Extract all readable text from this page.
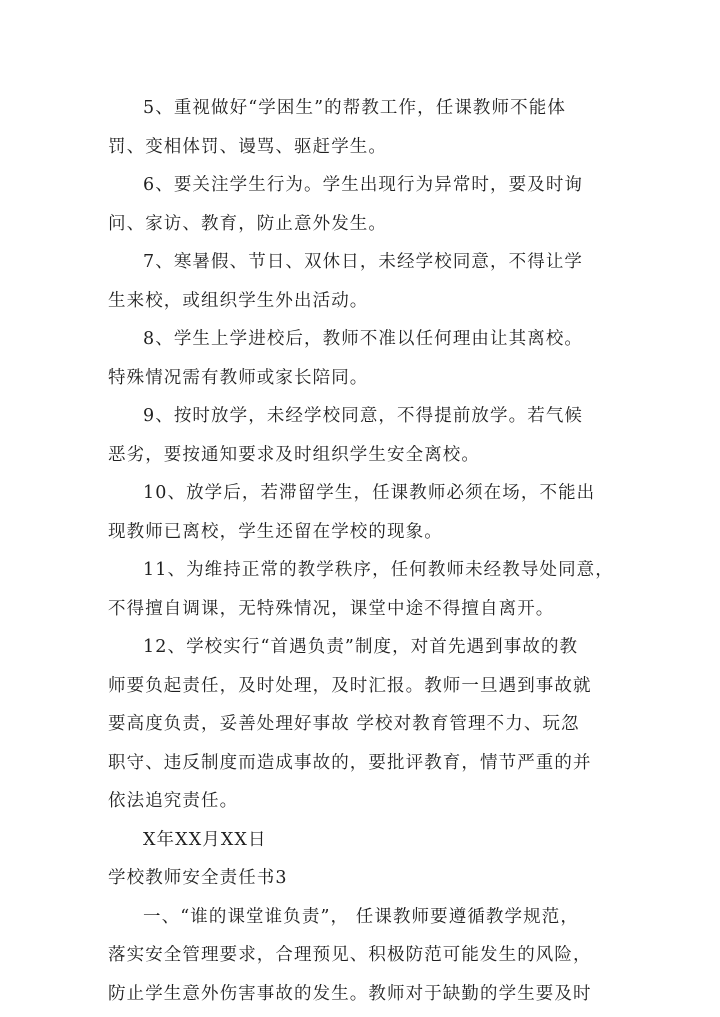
5、重视做好“学困生”的帮教工作，任课教师不能体
罚、变相体罚、谩骂、驱赶学生。

6、要关注学生行为。学生出现行为异常时，要及时询
问、家访、教育，防止意外发生。

7、寒暑假、节日、双休日，未经学校同意，不得让学
生来校，或组织学生外出活动。

8、学生上学进校后，教师不准以任何理由让其离校。
特殊情况需有教师或家长陪同。

9、按时放学，未经学校同意，不得提前放学。若气候
恶劣，要按通知要求及时组织学生安全离校。

10、放学后，若滞留学生，任课教师必须在场，不能出
现教师已离校，学生还留在学校的现象。

11、为维持正常的教学秩序，任何教师未经教导处同意，
不得擅自调课，无特殊情况，课堂中途不得擅自离开。

12、学校实行“首遇负责”制度，对首先遇到事故的教
师要负起责任，及时处理，及时汇报。教师一旦遇到事故就
要高度负责，妥善处理好事故 学校对教育管理不力、玩忽
职守、违反制度而造成事故的，要批评教育，情节严重的并
依法追究责任。

X年XX月XX日

学校教师安全责任书3

一、“谁的课堂谁负责”， 任课教师要遵循教学规范，
落实安全管理要求，合理预见、积极防范可能发生的风险，
防止学生意外伤害事故的发生。教师对于缺勤的学生要及时
